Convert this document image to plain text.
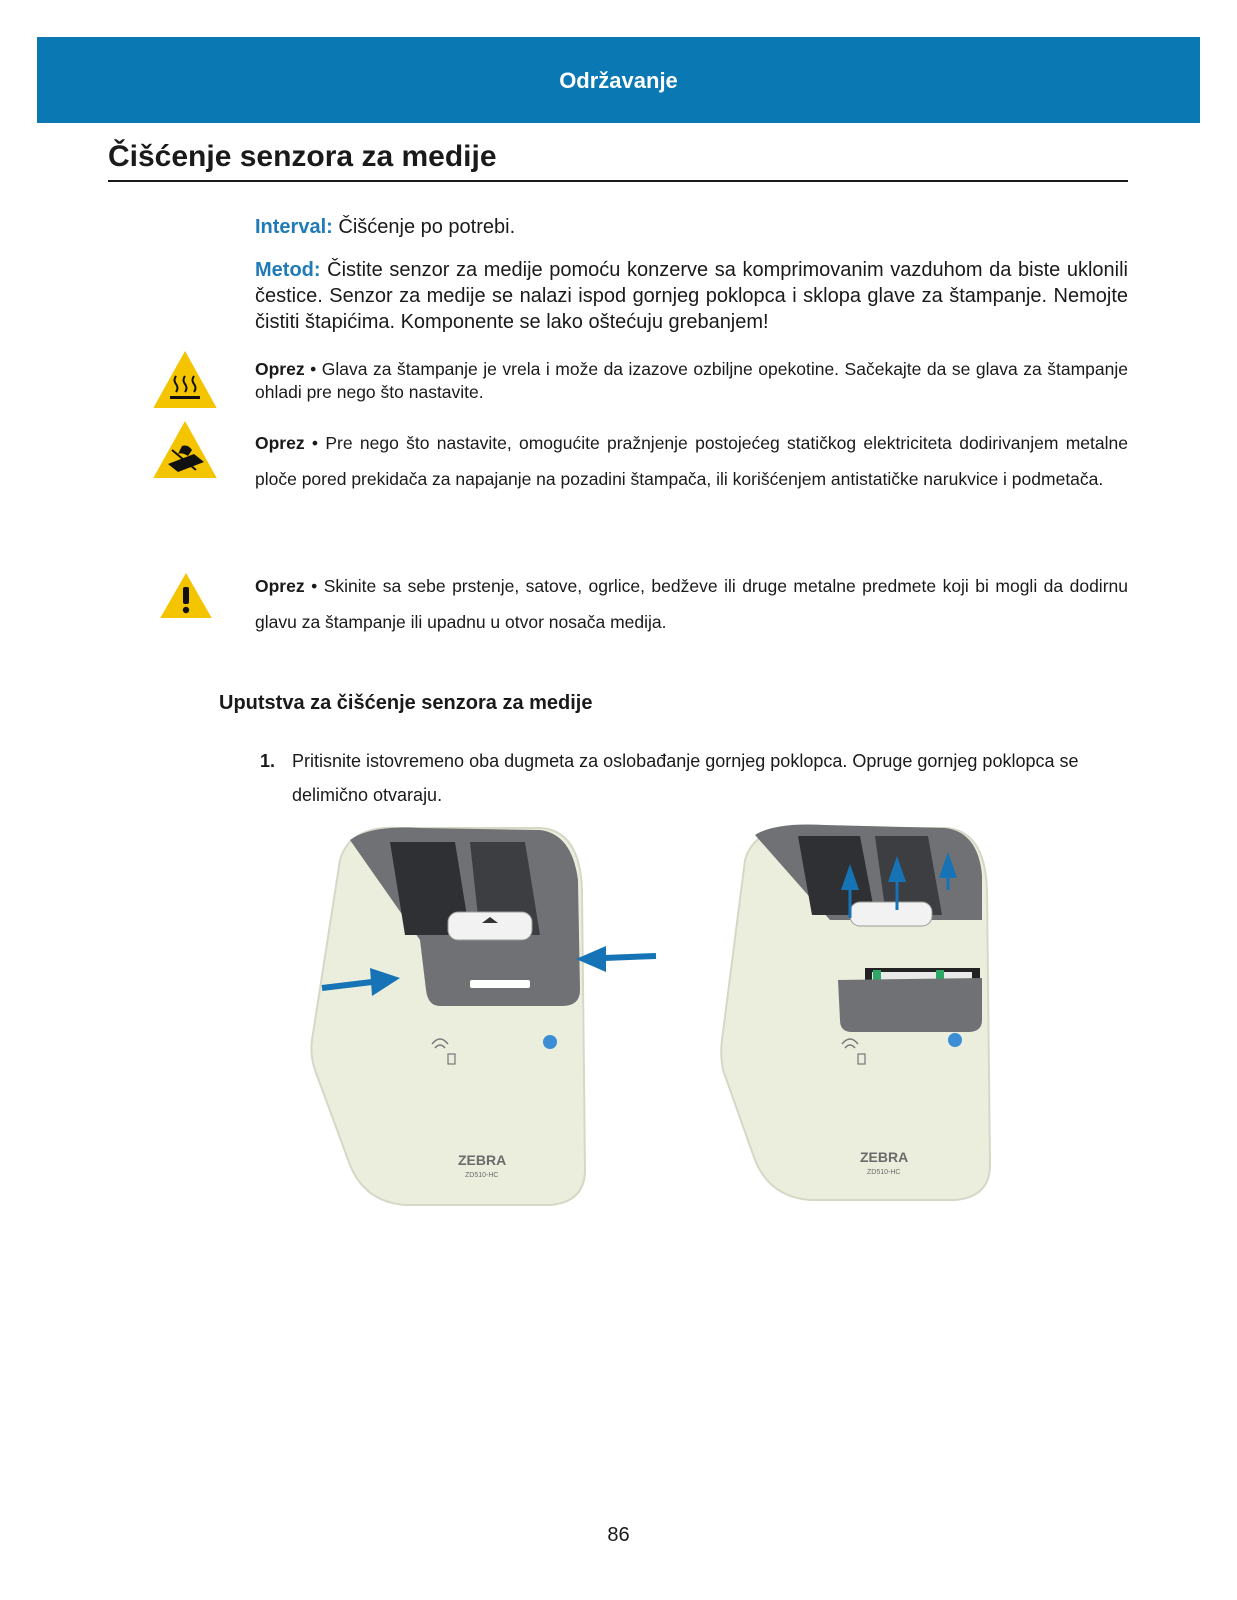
Održavanje
Čišćenje senzora za medije
Interval: Čišćenje po potrebi.
Metod: Čistite senzor za medije pomoću konzerve sa komprimovanim vazduhom da biste uklonili čestice. Senzor za medije se nalazi ispod gornjeg poklopca i sklopa glave za štampanje. Nemojte čistiti štapićima. Komponente se lako oštećuju grebanjem!
Oprez • Glava za štampanje je vrela i može da izazove ozbiljne opekotine. Sačekajte da se glava za štampanje ohladi pre nego što nastavite.
Oprez • Pre nego što nastavite, omogućite pražnjenje postojećeg statičkog elektriciteta dodirivanjem metalne ploče pored prekidača za napajanje na pozadini štampača, ili korišćenjem antistatičke narukvice i podmetača.
Oprez • Skinite sa sebe prstenje, satove, ogrlice, bedževe ili druge metalne predmete koji bi mogli da dodirnu glavu za štampanje ili upadnu u otvor nosača medija.
Uputstva za čišćenje senzora za medije
1. Pritisnite istovremeno oba dugmeta za oslobađanje gornjeg poklopca. Opruge gornjeg poklopca se delimično otvaraju.
ZEBRA
ZD510-HC
ZEBRA
ZD510-HC
86
